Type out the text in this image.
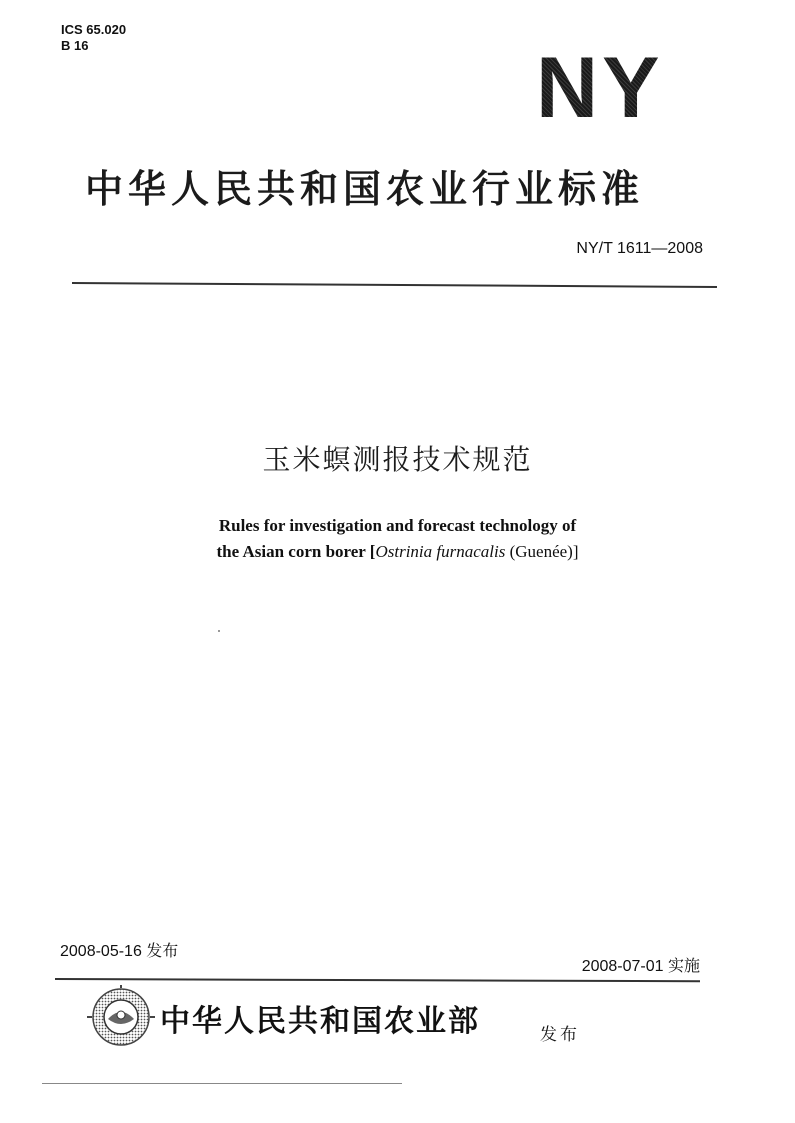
ICS 65.020
B 16	NY
中华人民共和国农业行业标准
NY/T 1611—2008
玉米螟测报技术规范
Rules for investigation and forecast technology of
the Asian corn borer [Ostrinia furnacalis (Guenée)]
2008-05-16 发布
2008-07-01 实施
中华人民共和国农业部	发布
